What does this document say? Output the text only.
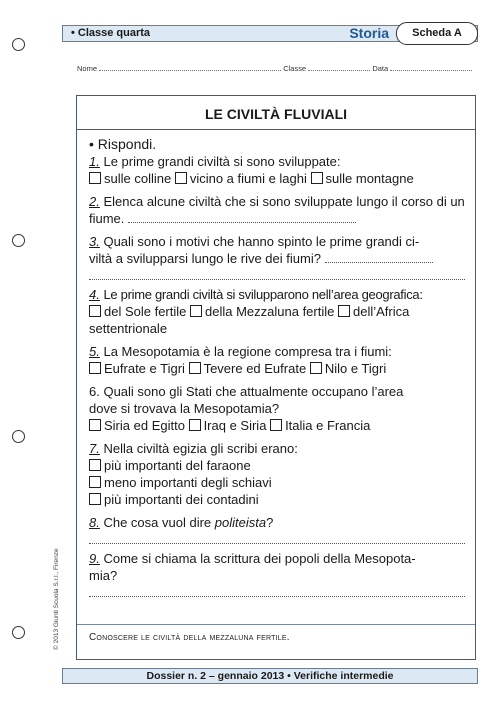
• Classe quarta	Storia	Scheda A
Nome	Classe	Data
LE CIVILTÀ FLUVIALI

• Rispondi.

1. Le prime grandi civiltà si sono sviluppate:

sulle colline vicino a fiumi e laghi sulle montagne

2. Elenca alcune civiltà che si sono sviluppate lungo il corso di un fiume.

3. Quali sono i motivi che hanno spinto le prime grandi ci-

viltà a svilupparsi lungo le rive dei fiumi?

4. Le prime grandi civiltà si svilupparono nell’area geografica:

del Sole fertile della Mezzaluna fertile dell’Africa

settentrionale

5. La Mesopotamia è la regione compresa tra i fiumi:

Eufrate e Tigri Tevere ed Eufrate Nilo e Tigri

6. Quali sono gli Stati che attualmente occupano l’area

dove si trovava la Mesopotamia?

Siria ed Egitto Iraq e Siria Italia e Francia

7. Nella civiltà egizia gli scribi erano:

più importanti del faraone

meno importanti degli schiavi

più importanti dei contadini

8. Che cosa vuol dire politeista?

9. Come si chiama la scrittura dei popoli della Mesopota-

mia?

Conoscere le civiltà della mezzaluna fertile.
© 2013 Giunti Scuola S.r.l., Firenze
Dossier n. 2 – gennaio 2013 • Verifiche intermedie
